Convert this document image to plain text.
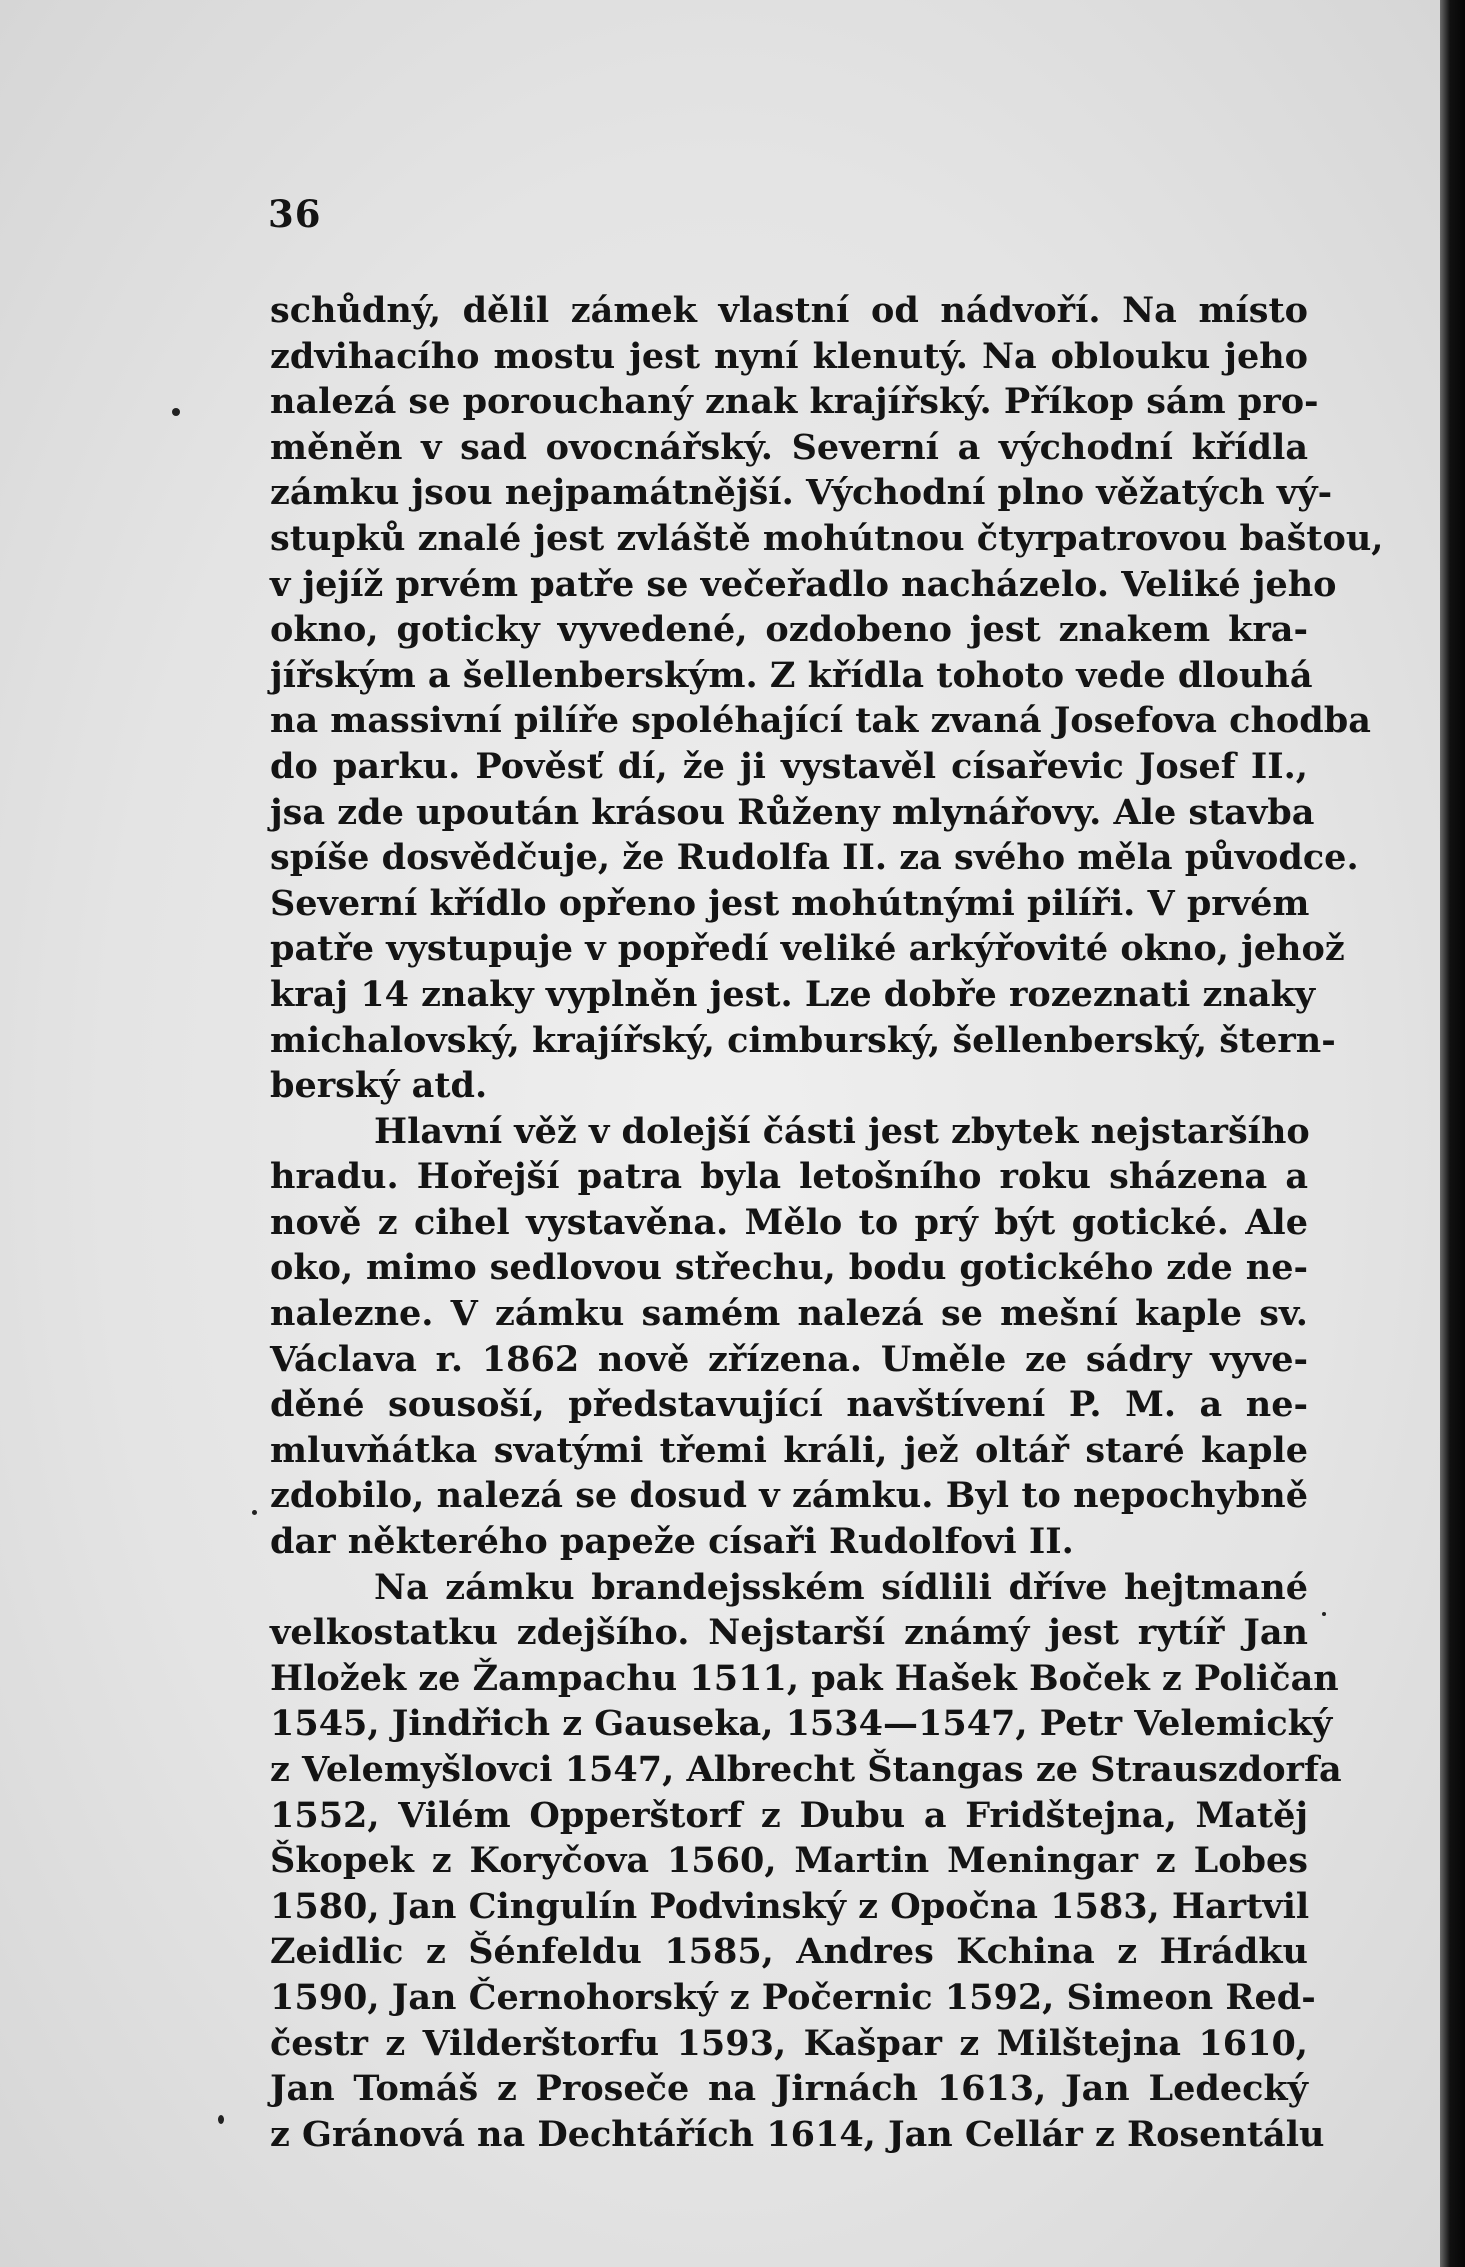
36
schůdný, dělil zámek vlastní od nádvoří. Na místo
zdvihacího mostu jest nyní klenutý. Na oblouku jeho
nalezá se porouchaný znak krajířský. Příkop sám pro-
měněn v sad ovocnářský. Severní a východní křídla
zámku jsou nejpamátnější. Východní plno věžatých vý-
stupků znalé jest zvláště mohútnou čtyrpatrovou baštou,
v jejíž prvém patře se večeřadlo nacházelo. Veliké jeho
okno, goticky vyvedené, ozdobeno jest znakem kra-
jířským a šellenberským. Z křídla tohoto vede dlouhá
na massivní pilíře spoléhající tak zvaná Josefova chodba
do parku. Pověsť dí, že ji vystavěl císařevic Josef II.,
jsa zde upoután krásou Růženy mlynářovy. Ale stavba
spíše dosvědčuje, že Rudolfa II. za svého měla původce.
Severní křídlo opřeno jest mohútnými pilíři. V prvém
patře vystupuje v popředí veliké arkýřovité okno, jehož
kraj 14 znaky vyplněn jest. Lze dobře rozeznati znaky
michalovský, krajířský, cimburský, šellenberský, štern-
berský atd.
Hlavní věž v dolejší části jest zbytek nejstaršího
hradu. Hořejší patra byla letošního roku sházena a
nově z cihel vystavěna. Mělo to prý být gotické. Ale
oko, mimo sedlovou střechu, bodu gotického zde ne-
nalezne. V zámku samém nalezá se mešní kaple sv.
Václava r. 1862 nově zřízena. Uměle ze sádry vyve-
děné sousoší, představující navštívení P. M. a ne-
mluvňátka svatými třemi králi, jež oltář staré kaple
zdobilo, nalezá se dosud v zámku. Byl to nepochybně
dar některého papeže císaři Rudolfovi II.
Na zámku brandejsském sídlili dříve hejtmané
velkostatku zdejšího. Nejstarší známý jest rytíř Jan
Hložek ze Žampachu 1511, pak Hašek Boček z Poličan
1545, Jindřich z Gauseka, 1534—1547, Petr Velemický
z Velemyšlovci 1547, Albrecht Štangas ze Strauszdorfa
1552, Vilém Opperštorf z Dubu a Fridštejna, Matěj
Škopek z Koryčova 1560, Martin Meningar z Lobes
1580, Jan Cingulín Podvinský z Opočna 1583, Hartvil
Zeidlic z Šénfeldu 1585, Andres Kchina z Hrádku
1590, Jan Černohorský z Počernic 1592, Simeon Red-
čestr z Vilderštorfu 1593, Kašpar z Milštejna 1610,
Jan Tomáš z Proseče na Jirnách 1613, Jan Ledecký
z Gránová na Dechtářích 1614, Jan Cellár z Rosentálu
